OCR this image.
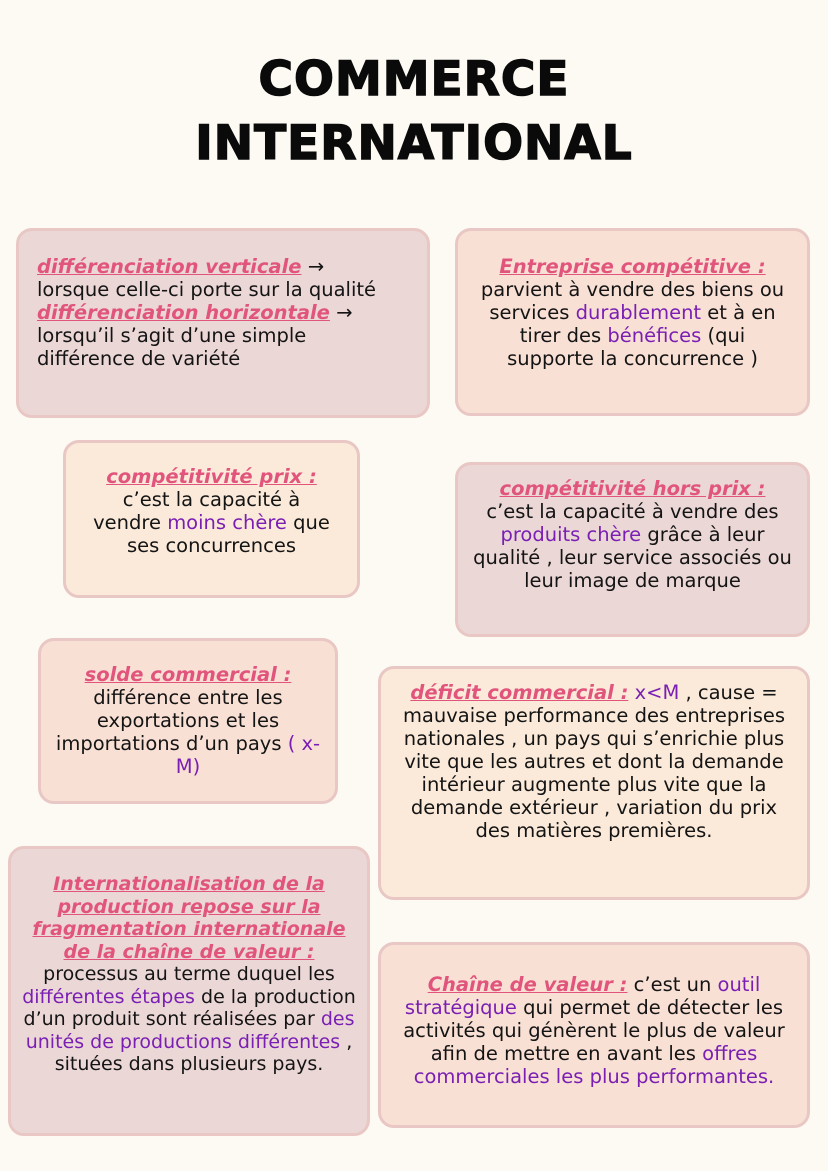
COMMERCE
INTERNATIONAL
différenciation verticale →
lorsque celle-ci porte sur la qualité
différenciation horizontale →
lorsqu’il s’agit d’une simple différence de variété
Entreprise compétitive :
parvient à vendre des biens ou services durablement et à en tirer des bénéfices (qui supporte la concurrence )
compétitivité prix :
c’est la capacité à vendre moins chère que ses concurrences
compétitivité hors prix :
c’est la capacité à vendre des produits chère grâce à leur qualité , leur service associés ou leur image de marque
solde commercial :
différence entre les exportations et les importations d’un pays ( x-M)
déficit commercial : x<M , cause = mauvaise performance des entreprises nationales , un pays qui s’enrichie plus vite que les autres et dont la demande intérieur augmente plus vite que la demande extérieur , variation du prix des matières premières.
Internationalisation de la production repose sur la fragmentation internationale de la chaîne de valeur :
processus au terme duquel les différentes étapes de la production d’un produit sont réalisées par des unités de productions différentes , situées dans plusieurs pays.
Chaîne de valeur : c’est un outil stratégique qui permet de détecter les activités qui génèrent le plus de valeur afin de mettre en avant les offres commerciales les plus performantes.
